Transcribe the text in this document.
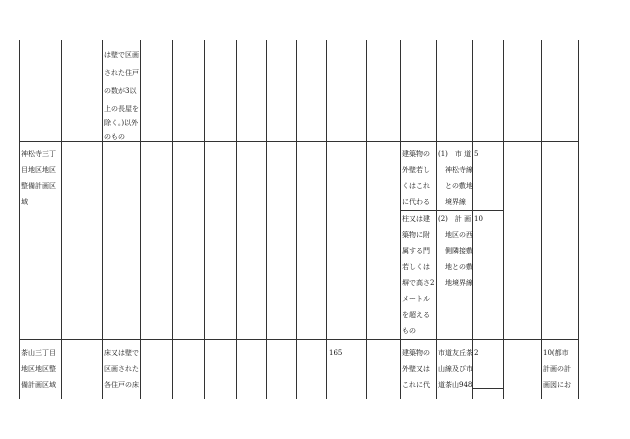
は壁で区画
された住戸
の数が3以
上の長屋を
除く。)以外
のもの
神松寺三丁
目地区地区
整備計画区
域
建築物の
外壁若し
くはこれ
に代わる
柱又は建
築物に附
属する門
若しくは
塀で高さ2
メートル
を超える
もの
(1)　市 道
　神松寺線
　との敷地
　境界線
(2)　計 画
　地区の西
　側隣接敷
　地との敷
　地境界線
5
10
茶山三丁目
地区地区整
備計画区域
床又は壁で
区画された
各住戸の床
165	建築物の
外壁又は
これに代
市道友丘茶
山線及び市
道茶山948
2	10(都市
計画の計
画図にお
